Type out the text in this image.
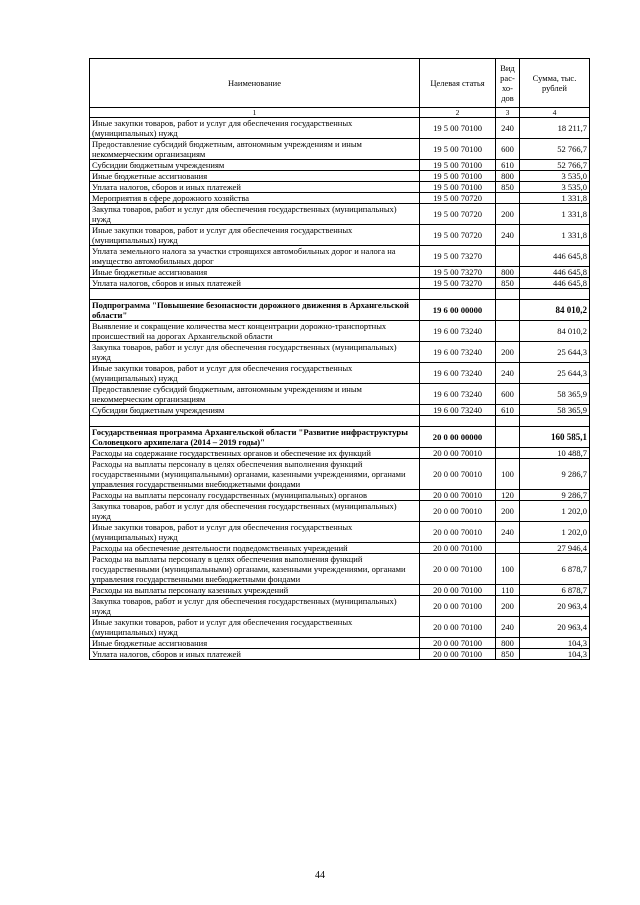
Наименование	Целевая статья	Вид рас-хо-дов	Сумма, тыс. рублей
1	2	3	4
Иные закупки товаров, работ и услуг для обеспечения государственных (муниципальных) нужд	19 5 00 70100	240	18 211,7
Предоставление субсидий бюджетным, автономным учреждениям и иным некоммерческим организациям	19 5 00 70100	600	52 766,7
Субсидии бюджетным учреждениям	19 5 00 70100	610	52 766,7
Иные бюджетные ассигнования	19 5 00 70100	800	3 535,0
Уплата налогов, сборов и иных платежей	19 5 00 70100	850	3 535,0
Мероприятия в сфере дорожного хозяйства	19 5 00 70720		1 331,8
Закупка товаров, работ и услуг для обеспечения государственных (муниципальных) нужд	19 5 00 70720	200	1 331,8
Иные закупки товаров, работ и услуг для обеспечения государственных (муниципальных) нужд	19 5 00 70720	240	1 331,8
Уплата земельного налога за участки строящихся автомобильных дорог и налога на имущество автомобильных дорог	19 5 00 73270		446 645,8
Иные бюджетные ассигнования	19 5 00 73270	800	446 645,8
Уплата налогов, сборов и иных платежей	19 5 00 73270	850	446 645,8

Подпрограмма "Повышение безопасности дорожного движения в Архангельской области"	19 6 00 00000		84 010,2
Выявление и сокращение количества мест концентрации дорожно-транспортных происшествий на дорогах Архангельской области	19 6 00 73240		84 010,2
Закупка товаров, работ и услуг для обеспечения государственных (муниципальных) нужд	19 6 00 73240	200	25 644,3
Иные закупки товаров, работ и услуг для обеспечения государственных (муниципальных) нужд	19 6 00 73240	240	25 644,3
Предоставление субсидий бюджетным, автономным учреждениям и иным некоммерческим организациям	19 6 00 73240	600	58 365,9
Субсидии бюджетным учреждениям	19 6 00 73240	610	58 365,9

Государственная программа Архангельской области "Развитие инфраструктуры Соловецкого архипелага (2014 – 2019 годы)"	20 0 00 00000		160 585,1
Расходы на содержание государственных органов и обеспечение их функций	20 0 00 70010		10 488,7
Расходы на выплаты персоналу в целях обеспечения выполнения функций государственными (муниципальными) органами, казенными учреждениями, органами управления государственными внебюджетными фондами	20 0 00 70010	100	9 286,7
Расходы на выплаты персоналу государственных (муниципальных) органов	20 0 00 70010	120	9 286,7
Закупка товаров, работ и услуг для обеспечения государственных (муниципальных) нужд	20 0 00 70010	200	1 202,0
Иные закупки товаров, работ и услуг для обеспечения государственных (муниципальных) нужд	20 0 00 70010	240	1 202,0
Расходы на обеспечение деятельности подведомственных учреждений	20 0 00 70100		27 946,4
Расходы на выплаты персоналу в целях обеспечения выполнения функций государственными (муниципальными) органами, казенными учреждениями, органами управления государственными внебюджетными фондами	20 0 00 70100	100	6 878,7
Расходы на выплаты персоналу казенных учреждений	20 0 00 70100	110	6 878,7
Закупка товаров, работ и услуг для обеспечения государственных (муниципальных) нужд	20 0 00 70100	200	20 963,4
Иные закупки товаров, работ и услуг для обеспечения государственных (муниципальных) нужд	20 0 00 70100	240	20 963,4
Иные бюджетные ассигнования	20 0 00 70100	800	104,3
Уплата налогов, сборов и иных платежей	20 0 00 70100	850	104,3
44
